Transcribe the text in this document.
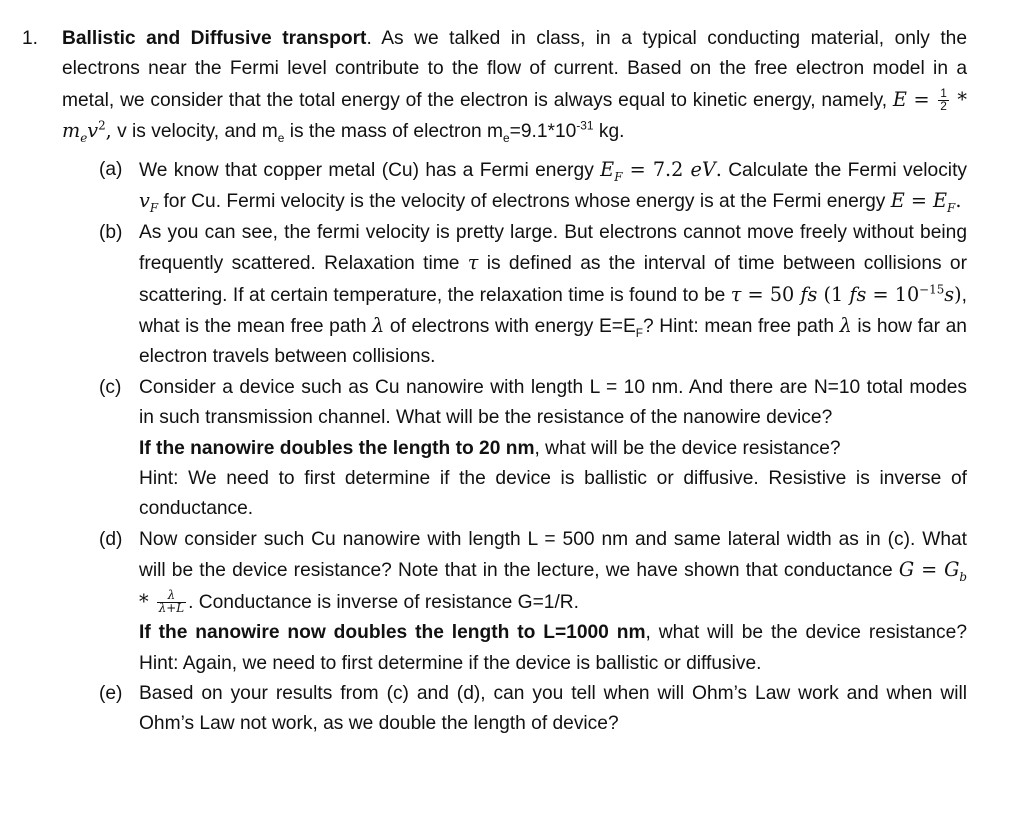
1. Ballistic and Diffusive transport. As we talked in class, in a typical conducting material, only the electrons near the Fermi level contribute to the flow of current. Based on the free electron model in a metal, we consider that the total energy of the electron is always equal to kinetic energy, namely, $E = \frac{1}{2} * m_ev^2$, v is velocity, and $m_e$ is the mass of electron $m_e=9.1*10^{-31}$ kg.
(a) We know that copper metal (Cu) has a Fermi energy $E_F = 7.2$ eV. Calculate the Fermi velocity $v_F$ for Cu. Fermi velocity is the velocity of electrons whose energy is at the Fermi energy $E = E_F$.
(b) As you can see, the fermi velocity is pretty large. But electrons cannot move freely without being frequently scattered. Relaxation time τ is defined as the interval of time between collisions or scattering. If at certain temperature, the relaxation time is found to be τ = 50 fs (1 fs = $10^{-15}s$), what is the mean free path λ of electrons with energy $E=E_F$? Hint: mean free path λ is how far an electron travels between collisions.
(c) Consider a device such as Cu nanowire with length L = 10 nm. And there are N=10 total modes in such transmission channel. What will be the resistance of the nanowire device?
If the nanowire doubles the length to 20 nm, what will be the device resistance?
Hint: We need to first determine if the device is ballistic or diffusive. Resistive is inverse of conductance.
(d) Now consider such Cu nanowire with length L = 500 nm and same lateral width as in (c). What will be the device resistance? Note that in the lecture, we have shown that conductance $G = G_b * \frac{\lambda}{\lambda+L}$ . Conductance is inverse of resistance G=1/R.
If the nanowire now doubles the length to L=1000 nm, what will be the device resistance? Hint: Again, we need to first determine if the device is ballistic or diffusive.
(e) Based on your results from (c) and (d), can you tell when will Ohm’s Law work and when will Ohm’s Law not work, as we double the length of device?
